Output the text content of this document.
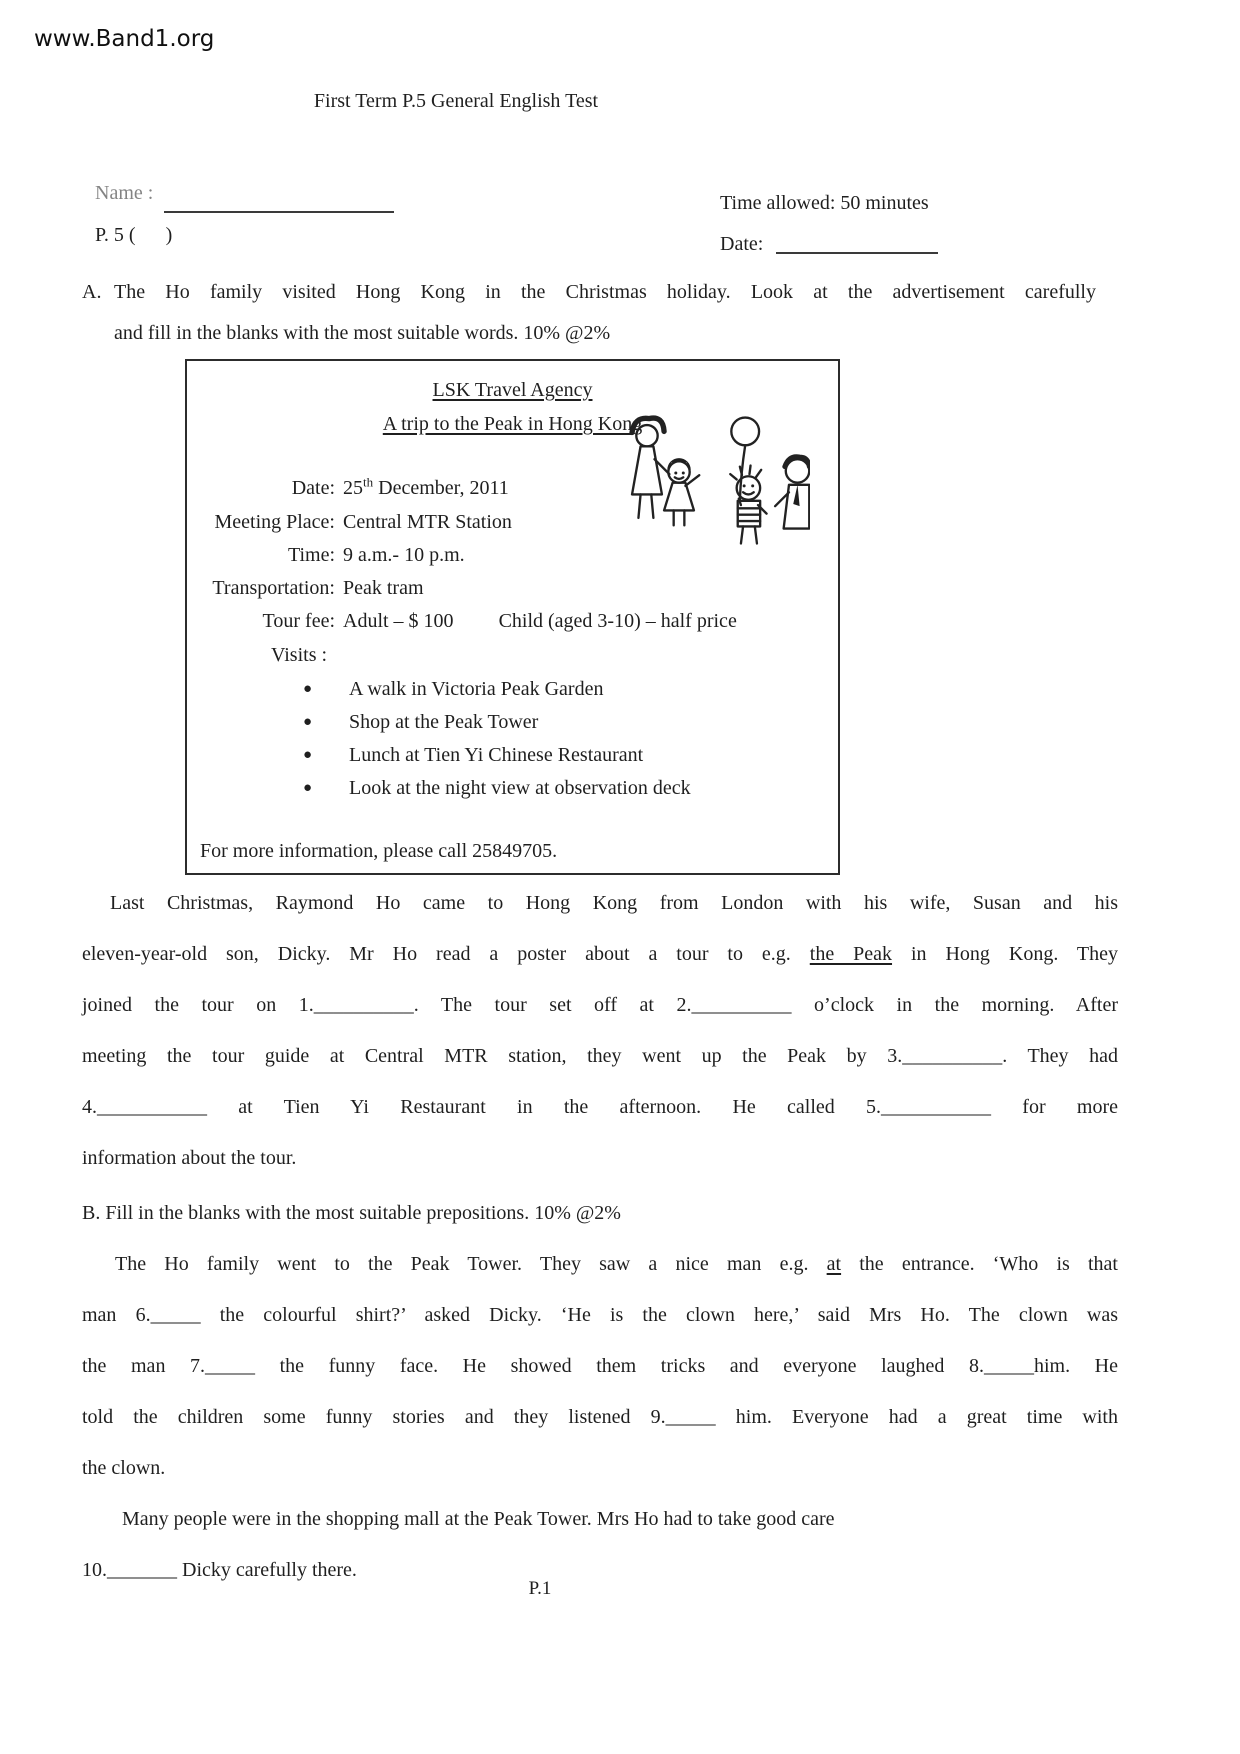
www.Band1.org
First Term P.5 General English Test
Name :
P. 5 (      )
Time allowed: 50 minutes
Date:
A. The Ho family visited Hong Kong in the Christmas holiday. Look at the advertisement carefully
and fill in the blanks with the most suitable words. 10% @2%
LSK Travel Agency
A trip to the Peak in Hong Kong
Date: 25th December, 2011
Meeting Place: Central MTR Station
Time: 9 a.m.- 10 p.m.
Transportation: Peak tram
Tour fee: Adult – $ 100 Child (aged 3-10) – half price
Visits :
●	A walk in Victoria Peak Garden
●	Shop at the Peak Tower
●	Lunch at Tien Yi Chinese Restaurant
●	Look at the night view at observation deck
For more information, please call 25849705.
Last Christmas, Raymond Ho came to Hong Kong from London with his wife, Susan and his
eleven-year-old son, Dicky. Mr Ho read a poster about a tour to e.g. the Peak in Hong Kong. They
joined the tour on 1.__________. The tour set off at 2.__________ o’clock in the morning. After
meeting the tour guide at Central MTR station, they went up the Peak by 3.__________. They had
4.___________ at Tien Yi Restaurant in the afternoon. He called 5.___________ for more
information about the tour.
B. Fill in the blanks with the most suitable prepositions. 10% @2%
The Ho family went to the Peak Tower. They saw a nice man e.g. at the entrance. ‘Who is that
man 6._____ the colourful shirt?’ asked Dicky. ‘He is the clown here,’ said Mrs Ho. The clown was
the man 7._____ the funny face. He showed them tricks and everyone laughed 8._____him. He
told the children some funny stories and they listened 9._____ him. Everyone had a great time with
the clown.
Many people were in the shopping mall at the Peak Tower. Mrs Ho had to take good care
10._______ Dicky carefully there.
P.1
